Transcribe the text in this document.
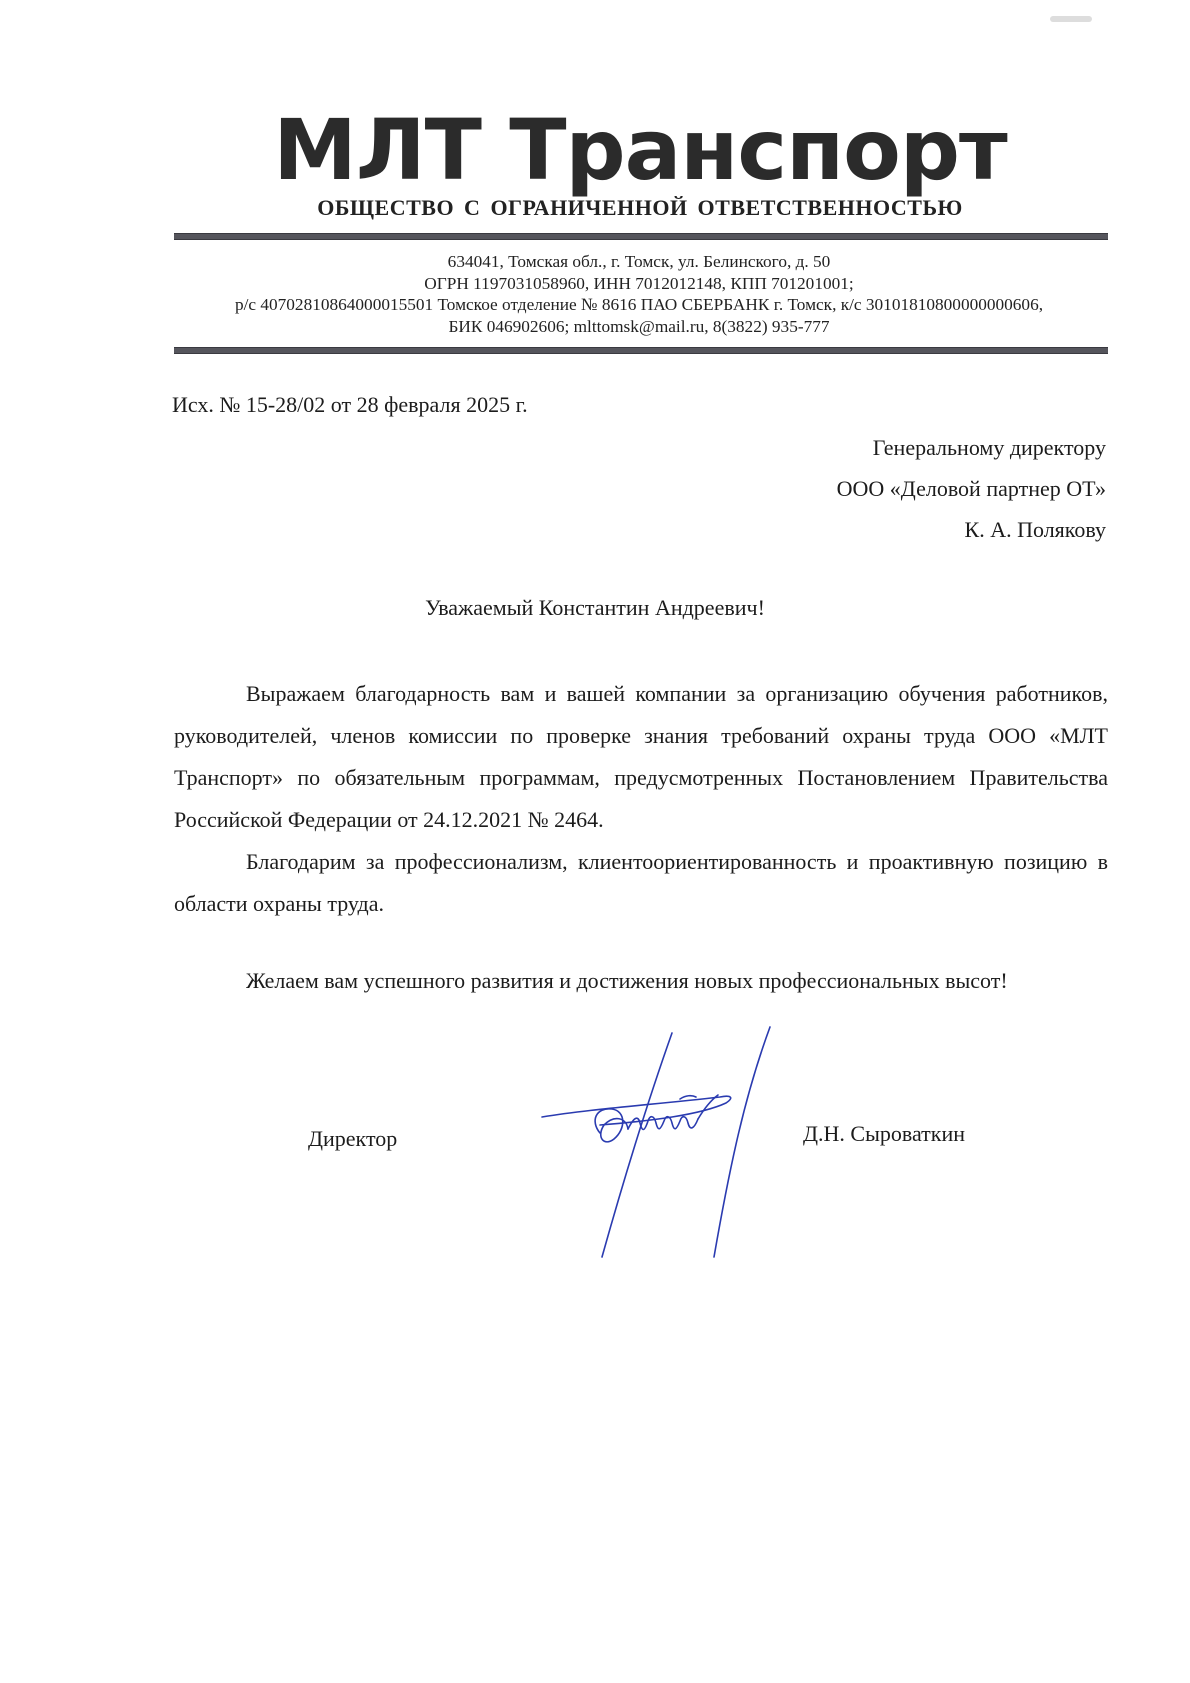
МЛТ Транспорт
ОБЩЕСТВО С ОГРАНИЧЕННОЙ ОТВЕТСТВЕННОСТЬЮ
634041, Томская обл., г. Томск, ул. Белинского, д. 50
ОГРН 1197031058960, ИНН 7012012148, КПП 701201001;
р/с 40702810864000015501 Томское отделение № 8616 ПАО СБЕРБАНК г. Томск, к/с 30101810800000000606,
БИК 046902606; mlttomsk@mail.ru, 8(3822) 935-777
Исх. № 15-28/02 от 28 февраля 2025 г.
Генеральному директору
ООО «Деловой партнер ОТ»
К. А. Полякову
Уважаемый Константин Андреевич!

Выражаем благодарность вам и вашей компании за организацию обучения работников, руководителей, членов комиссии по проверке знания требований охраны труда ООО «МЛТ Транспорт» по обязательным программам, предусмотренных Постановлением Правительства Российской Федерации от 24.12.2021 № 2464.

Благодарим за профессионализм, клиентоориентированность и проактивную позицию в области охраны труда.

Желаем вам успешного развития и достижения новых профессиональных высот!
Директор	Д.Н. Сыроваткин
